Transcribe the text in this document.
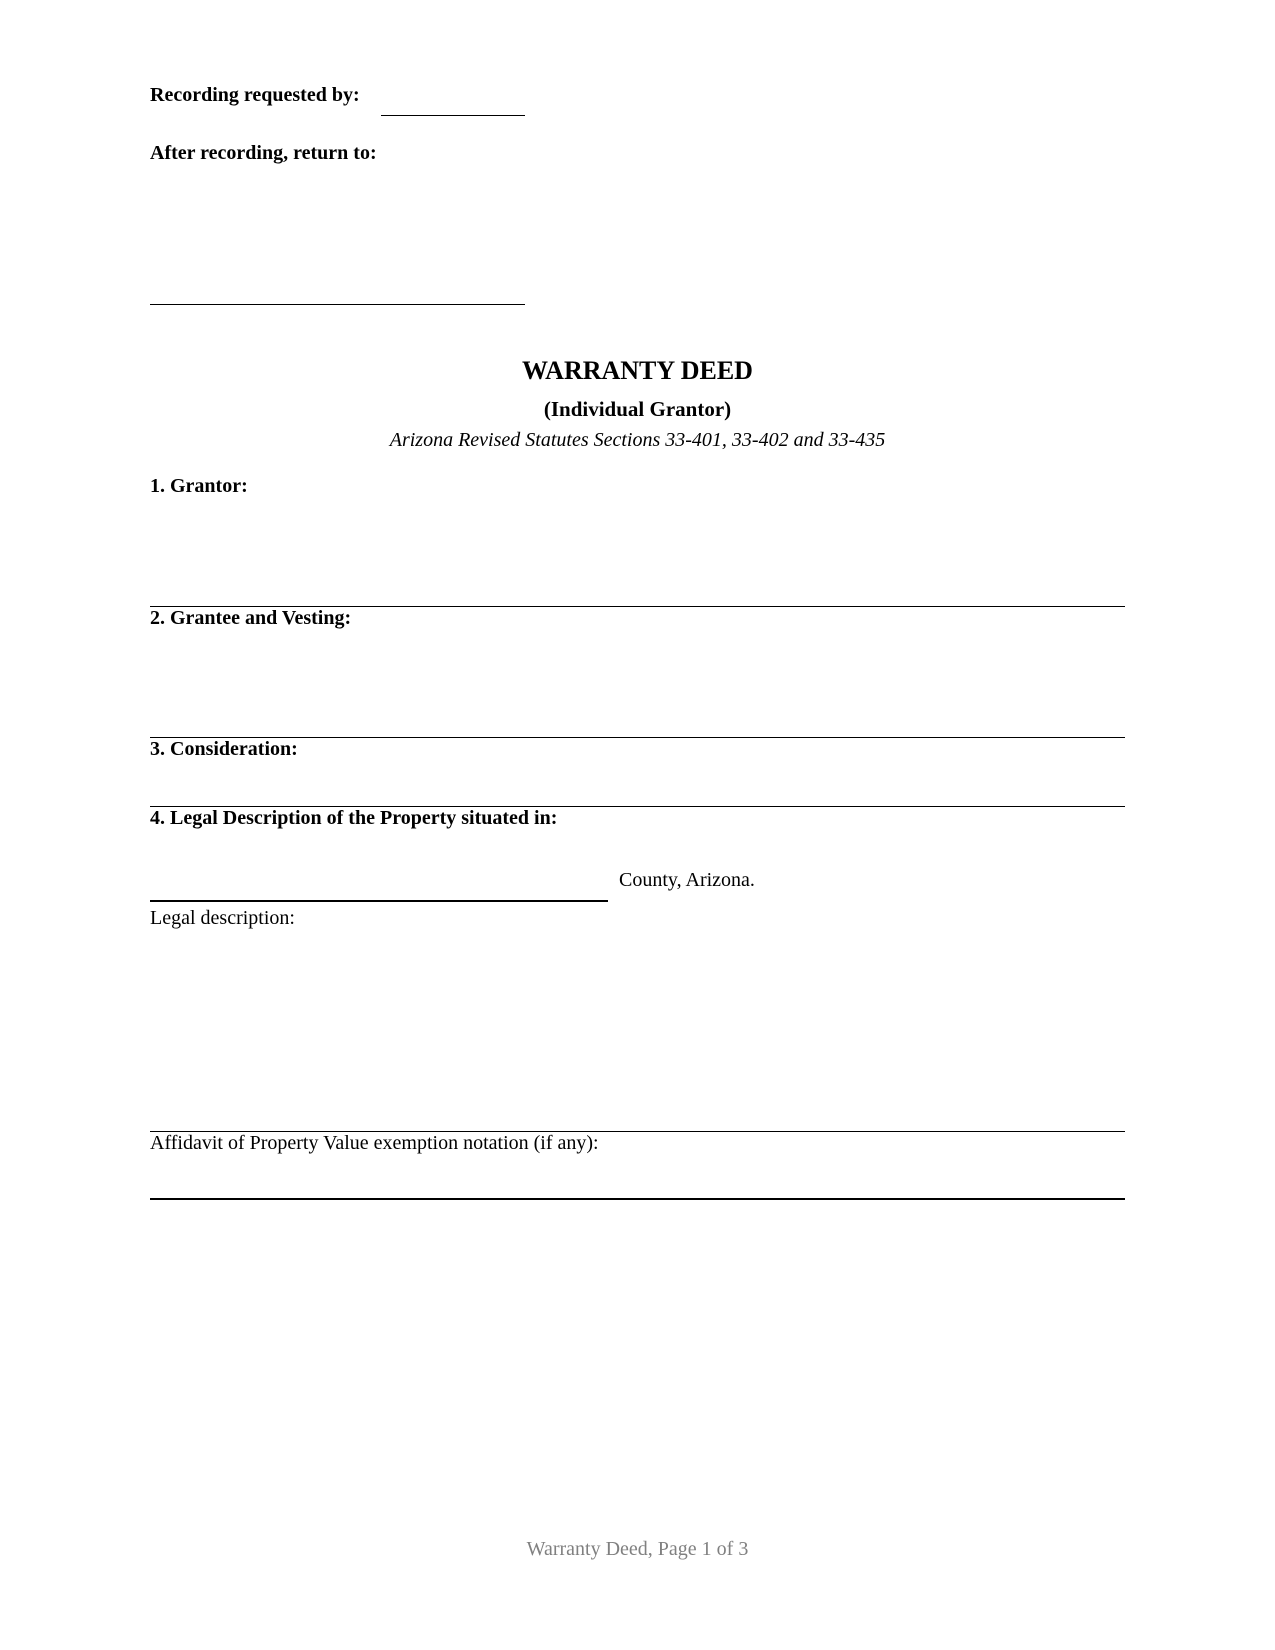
Recording requested by:
After recording, return to:
WARRANTY DEED
(Individual Grantor)
Arizona Revised Statutes Sections 33-401, 33-402 and 33-435
1. Grantor:
2. Grantee and Vesting:
3. Consideration:
4. Legal Description of the Property situated in:
County, Arizona.
Legal description:
Affidavit of Property Value exemption notation (if any):
Warranty Deed, Page 1 of 3
